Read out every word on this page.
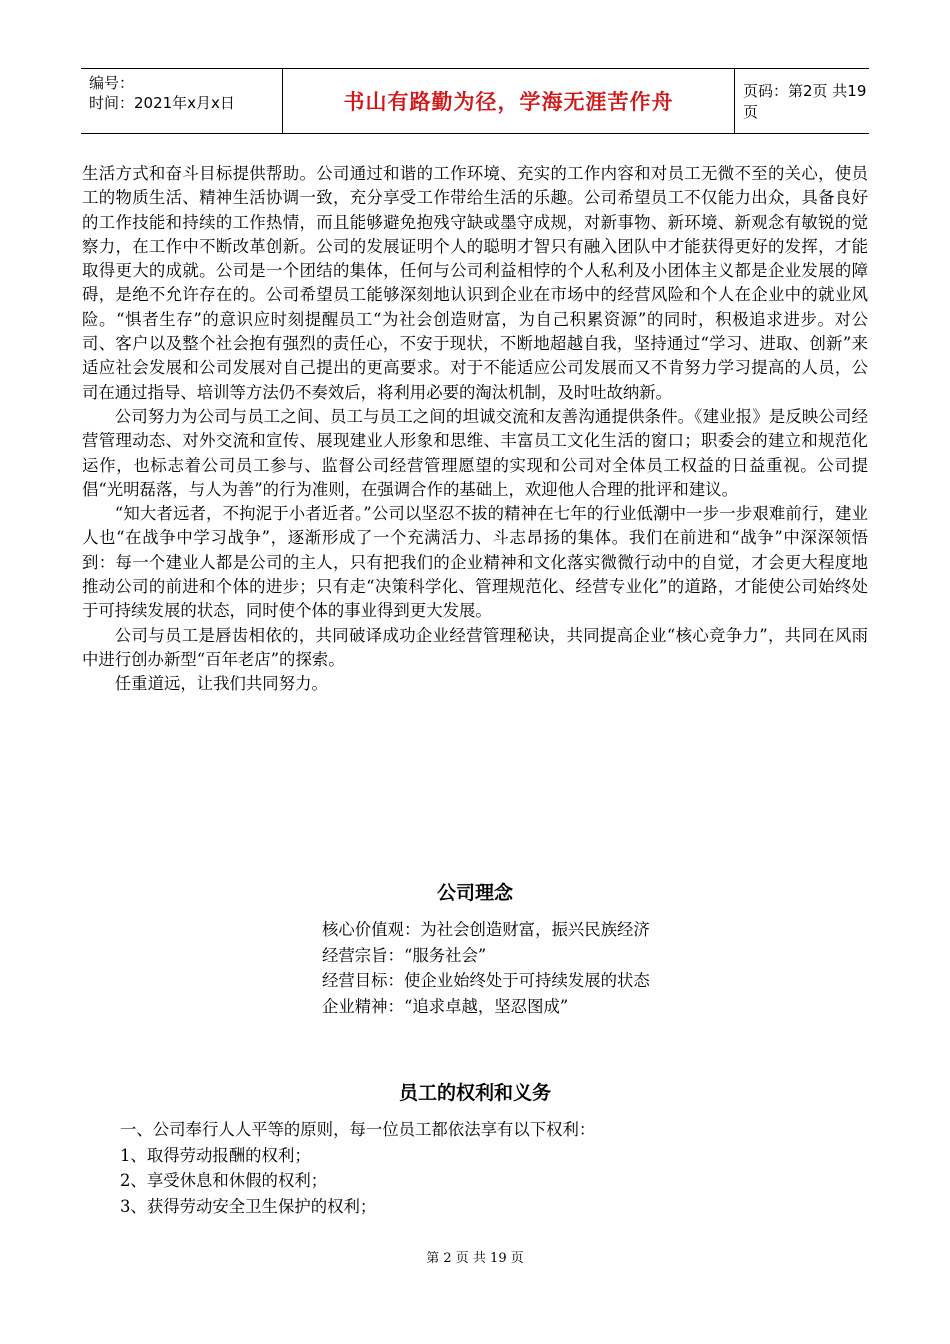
编号：
时间：2021年x月x日	书山有路勤为径，学海无涯苦作舟	页码：第2页 共19页

生活方式和奋斗目标提供帮助。公司通过和谐的工作环境、充实的工作内容和对员工无微不至的关心，使员工的物质生活、精神生活协调一致，充分享受工作带给生活的乐趣。公司希望员工不仅能力出众，具备良好的工作技能和持续的工作热情，而且能够避免抱残守缺或墨守成规，对新事物、新环境、新观念有敏锐的觉察力，在工作中不断改革创新。公司的发展证明个人的聪明才智只有融入团队中才能获得更好的发挥，才能取得更大的成就。公司是一个团结的集体，任何与公司利益相悖的个人私利及小团体主义都是企业发展的障碍，是绝不允许存在的。公司希望员工能够深刻地认识到企业在市场中的经营风险和个人在企业中的就业风险。“惧者生存”的意识应时刻提醒员工“为社会创造财富，为自己积累资源”的同时，积极追求进步。对公司、客户以及整个社会抱有强烈的责任心，不安于现状，不断地超越自我，坚持通过“学习、进取、创新”来适应社会发展和公司发展对自己提出的更高要求。对于不能适应公司发展而又不肯努力学习提高的人员，公司在通过指导、培训等方法仍不奏效后，将利用必要的淘汰机制，及时吐故纳新。

公司努力为公司与员工之间、员工与员工之间的坦诚交流和友善沟通提供条件。《建业报》是反映公司经营管理动态、对外交流和宣传、展现建业人形象和思维、丰富员工文化生活的窗口；职委会的建立和规范化运作，也标志着公司员工参与、监督公司经营管理愿望的实现和公司对全体员工权益的日益重视。公司提倡“光明磊落，与人为善”的行为准则，在强调合作的基础上，欢迎他人合理的批评和建议。

“知大者远者，不拘泥于小者近者。”公司以坚忍不拔的精神在七年的行业低潮中一步一步艰难前行，建业人也“在战争中学习战争”，逐渐形成了一个充满活力、斗志昂扬的集体。我们在前进和“战争”中深深领悟到：每一个建业人都是公司的主人，只有把我们的企业精神和文化落实微微行动中的自觉，才会更大程度地推动公司的前进和个体的进步；只有走“决策科学化、管理规范化、经营专业化”的道路，才能使公司始终处于可持续发展的状态，同时使个体的事业得到更大发展。

公司与员工是唇齿相依的，共同破译成功企业经营管理秘诀，共同提高企业“核心竞争力”，共同在风雨中进行创办新型“百年老店”的探索。

任重道远，让我们共同努力。

公司理念
核心价值观：为社会创造财富，振兴民族经济
经营宗旨：“服务社会”
经营目标：使企业始终处于可持续发展的状态
企业精神：“追求卓越，坚忍图成”
员工的权利和义务
一、公司奉行人人平等的原则，每一位员工都依法享有以下权利：
1、取得劳动报酬的权利；
2、享受休息和休假的权利；
3、获得劳动安全卫生保护的权利；
第 2 页 共 19 页
